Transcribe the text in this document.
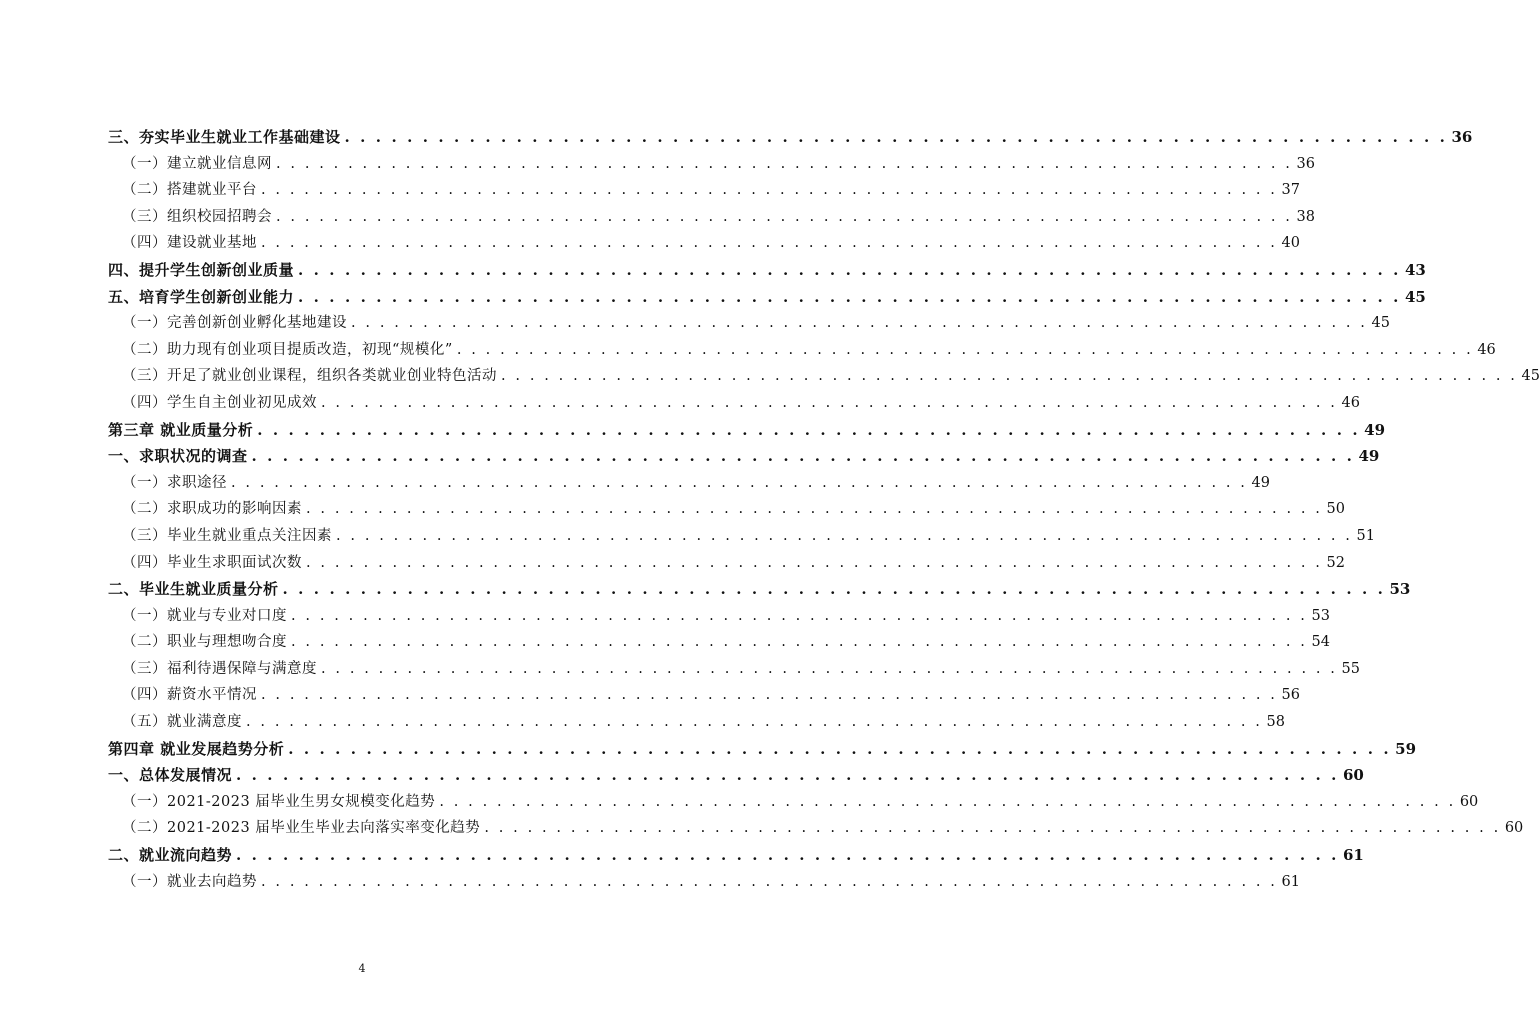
三、夯实毕业生就业工作基础建设 . . . . . . . . . . . . . . . . . . . . . . . . . . . . . . . . . . . . . . . . . . . . . . . . . . . . . . . . . . . . . . . . . . . . . . . 36
（一）建立就业信息网 . . . . . . . . . . . . . . . . . . . . . . . . . . . . . . . . . . . . . . . . . . . . . . . . . . . . . . . . . . . . . . . . . . . . . . . 36
（二）搭建就业平台 . . . . . . . . . . . . . . . . . . . . . . . . . . . . . . . . . . . . . . . . . . . . . . . . . . . . . . . . . . . . . . . . . . . . . . . 37
（三）组织校园招聘会 . . . . . . . . . . . . . . . . . . . . . . . . . . . . . . . . . . . . . . . . . . . . . . . . . . . . . . . . . . . . . . . . . . . . . . . 38
（四）建设就业基地 . . . . . . . . . . . . . . . . . . . . . . . . . . . . . . . . . . . . . . . . . . . . . . . . . . . . . . . . . . . . . . . . . . . . . . . 40
四、提升学生创新创业质量 . . . . . . . . . . . . . . . . . . . . . . . . . . . . . . . . . . . . . . . . . . . . . . . . . . . . . . . . . . . . . . . . . . . . . . . 43
五、培育学生创新创业能力 . . . . . . . . . . . . . . . . . . . . . . . . . . . . . . . . . . . . . . . . . . . . . . . . . . . . . . . . . . . . . . . . . . . . . . . 45
（一）完善创新创业孵化基地建设 . . . . . . . . . . . . . . . . . . . . . . . . . . . . . . . . . . . . . . . . . . . . . . . . . . . . . . . . . . . . . . . . . . . . . . . 45
（二）助力现有创业项目提质改造，初现“规模化” . . . . . . . . . . . . . . . . . . . . . . . . . . . . . . . . . . . . . . . . . . . . . . . . . . . . . . . . . . . . . . . . . . . . . . . 46
（三）开足了就业创业课程，组织各类就业创业特色活动 . . . . . . . . . . . . . . . . . . . . . . . . . . . . . . . . . . . . . . . . . . . . . . . . . . . . . . . . . . . . . . . . . . . . . . . 45
（四）学生自主创业初见成效 . . . . . . . . . . . . . . . . . . . . . . . . . . . . . . . . . . . . . . . . . . . . . . . . . . . . . . . . . . . . . . . . . . . . . . . 46
第三章 就业质量分析 . . . . . . . . . . . . . . . . . . . . . . . . . . . . . . . . . . . . . . . . . . . . . . . . . . . . . . . . . . . . . . . . . . . . . . . 49
一、求职状况的调查 . . . . . . . . . . . . . . . . . . . . . . . . . . . . . . . . . . . . . . . . . . . . . . . . . . . . . . . . . . . . . . . . . . . . . . . 49
（一）求职途径 . . . . . . . . . . . . . . . . . . . . . . . . . . . . . . . . . . . . . . . . . . . . . . . . . . . . . . . . . . . . . . . . . . . . . . . 49
（二）求职成功的影响因素 . . . . . . . . . . . . . . . . . . . . . . . . . . . . . . . . . . . . . . . . . . . . . . . . . . . . . . . . . . . . . . . . . . . . . . . 50
（三）毕业生就业重点关注因素 . . . . . . . . . . . . . . . . . . . . . . . . . . . . . . . . . . . . . . . . . . . . . . . . . . . . . . . . . . . . . . . . . . . . . . . 51
（四）毕业生求职面试次数 . . . . . . . . . . . . . . . . . . . . . . . . . . . . . . . . . . . . . . . . . . . . . . . . . . . . . . . . . . . . . . . . . . . . . . . 52
二、毕业生就业质量分析 . . . . . . . . . . . . . . . . . . . . . . . . . . . . . . . . . . . . . . . . . . . . . . . . . . . . . . . . . . . . . . . . . . . . . . . 53
（一）就业与专业对口度 . . . . . . . . . . . . . . . . . . . . . . . . . . . . . . . . . . . . . . . . . . . . . . . . . . . . . . . . . . . . . . . . . . . . . . . 53
（二）职业与理想吻合度 . . . . . . . . . . . . . . . . . . . . . . . . . . . . . . . . . . . . . . . . . . . . . . . . . . . . . . . . . . . . . . . . . . . . . . . 54
（三）福利待遇保障与满意度 . . . . . . . . . . . . . . . . . . . . . . . . . . . . . . . . . . . . . . . . . . . . . . . . . . . . . . . . . . . . . . . . . . . . . . . 55
（四）薪资水平情况 . . . . . . . . . . . . . . . . . . . . . . . . . . . . . . . . . . . . . . . . . . . . . . . . . . . . . . . . . . . . . . . . . . . . . . . 56
（五）就业满意度 . . . . . . . . . . . . . . . . . . . . . . . . . . . . . . . . . . . . . . . . . . . . . . . . . . . . . . . . . . . . . . . . . . . . . . . 58
第四章 就业发展趋势分析 . . . . . . . . . . . . . . . . . . . . . . . . . . . . . . . . . . . . . . . . . . . . . . . . . . . . . . . . . . . . . . . . . . . . . . . 59
一、总体发展情况 . . . . . . . . . . . . . . . . . . . . . . . . . . . . . . . . . . . . . . . . . . . . . . . . . . . . . . . . . . . . . . . . . . . . . . . 60
（一）2021-2023 届毕业生男女规模变化趋势 . . . . . . . . . . . . . . . . . . . . . . . . . . . . . . . . . . . . . . . . . . . . . . . . . . . . . . . . . . . . . . . . . . . . . . . 60
（二）2021-2023 届毕业生毕业去向落实率变化趋势 . . . . . . . . . . . . . . . . . . . . . . . . . . . . . . . . . . . . . . . . . . . . . . . . . . . . . . . . . . . . . . . . . . . . . . . 60
二、就业流向趋势 . . . . . . . . . . . . . . . . . . . . . . . . . . . . . . . . . . . . . . . . . . . . . . . . . . . . . . . . . . . . . . . . . . . . . . . 61
（一）就业去向趋势 . . . . . . . . . . . . . . . . . . . . . . . . . . . . . . . . . . . . . . . . . . . . . . . . . . . . . . . . . . . . . . . . . . . . . . . 61
4
